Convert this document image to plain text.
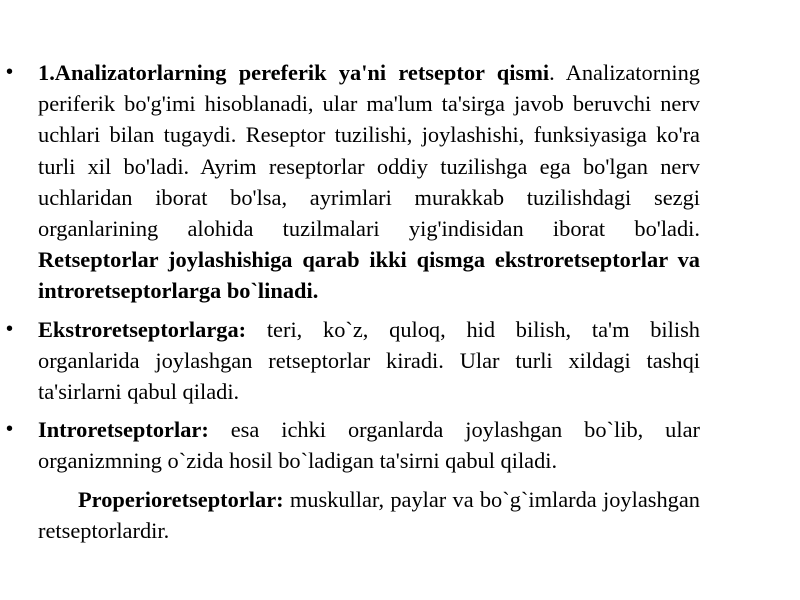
• 1.Analizatorlarning pereferik ya'ni retseptor qismi. Analizatorning periferik bo'g'imi hisoblanadi, ular ma'lum ta'sirga javob beruvchi nerv uchlari bilan tugaydi. Reseptor tuzilishi, joylashishi, funksiyasiga ko'ra turli xil bo'ladi. Ayrim reseptorlar oddiy tuzilishga ega bo'lgan nerv uchlaridan iborat bo'lsa, ayrimlari murakkab tuzilishdagi sezgi organlarining alohida tuzilmalari yig'indisidan iborat bo'ladi. Retseptorlar joylashishiga qarab ikki qismga ekstroretseptorlar va introretseptorlarga bo`linadi.

• Ekstroretseptorlarga: teri, ko`z, quloq, hid bilish, ta'm bilish organlarida joylashgan retseptorlar kiradi. Ular turli xildagi tashqi ta'sirlarni qabul qiladi.

• Introretseptorlar: esa ichki organlarda joylashgan bo`lib, ular organizmning o`zida hosil bo`ladigan ta'sirni qabul qiladi.

Properioretseptorlar: muskullar, paylar va bo`g`imlarda joylashgan retseptorlardir.
